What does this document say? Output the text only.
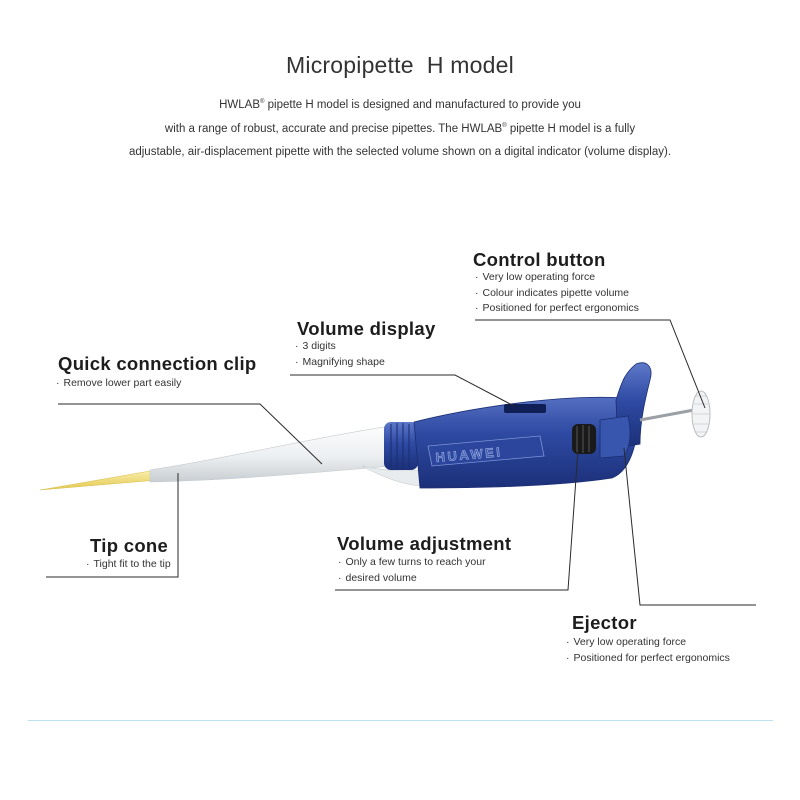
Micropipette  H model
HWLAB® pipette H model is designed and manufactured to provide you
with a range of robust, accurate and precise pipettes. The HWLAB® pipette H model is a fully
adjustable, air-displacement pipette with the selected volume shown on a digital indicator (volume display).
HUAWEI
Control button
· Very low operating force
· Colour indicates pipette volume
· Positioned for perfect ergonomics
Volume display
· 3 digits
· Magnifying shape
Quick connection clip
· Remove lower part easily
Tip cone
· Tight fit to the tip
Volume adjustment
· Only a few turns to reach your
· desired volume
Ejector
· Very low operating force
· Positioned for perfect ergonomics
